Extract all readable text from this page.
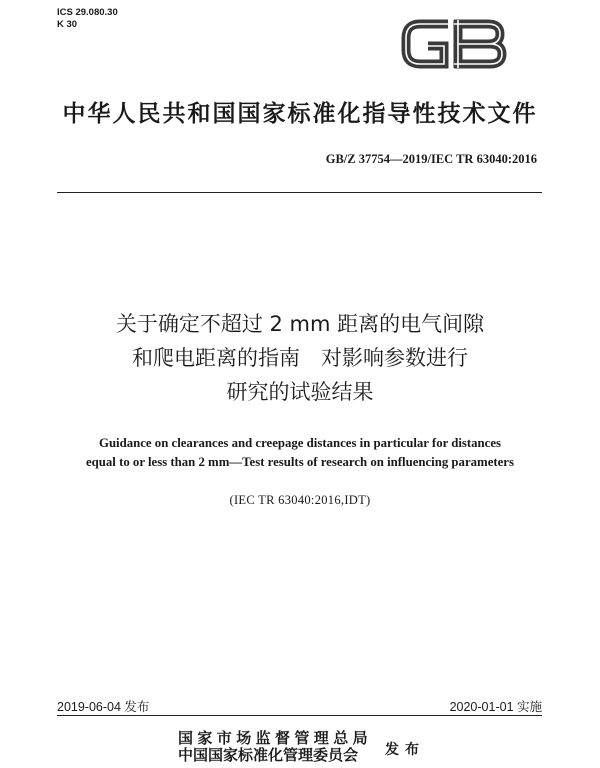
ICS 29.080.30
K 30
中华人民共和国国家标准化指导性技术文件
GB/Z 37754—2019/IEC TR 63040:2016
关于确定不超过 2 mm 距离的电气间隙
和爬电距离的指南　对影响参数进行
研究的试验结果
Guidance on clearances and creepage distances in particular for distances
equal to or less than 2 mm—Test results of research on influencing parameters
(IEC TR 63040:2016,IDT)
2019-06-04 发布	2020-01-01 实施
国家市场监督管理总局
中国国家标准化管理委员会	发布
